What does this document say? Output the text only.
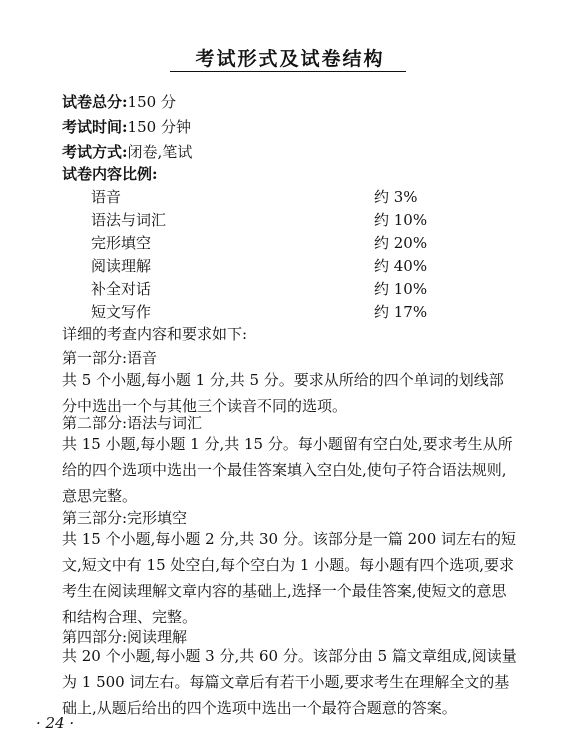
考试形式及试卷结构
试卷总分:150 分
考试时间:150 分钟
考试方式:闭卷,笔试
试卷内容比例:
语音	约 3%
语法与词汇	约 10%
完形填空	约 20%
阅读理解	约 40%
补全对话	约 10%
短文写作	约 17%
详细的考查内容和要求如下:
第一部分:语音
共 5 个小题,每小题 1 分,共 5 分。要求从所给的四个单词的划线部分中选出一个与其他三个读音不同的选项。
第二部分:语法与词汇
共 15 小题,每小题 1 分,共 15 分。每小题留有空白处,要求考生从所给的四个选项中选出一个最佳答案填入空白处,使句子符合语法规则,意思完整。
第三部分:完形填空
共 15 个小题,每小题 2 分,共 30 分。该部分是一篇 200 词左右的短文,短文中有 15 处空白,每个空白为 1 小题。每小题有四个选项,要求考生在阅读理解文章内容的基础上,选择一个最佳答案,使短文的意思和结构合理、完整。
第四部分:阅读理解
共 20 个小题,每小题 3 分,共 60 分。该部分由 5 篇文章组成,阅读量为 1 500 词左右。每篇文章后有若干小题,要求考生在理解全文的基础上,从题后给出的四个选项中选出一个最符合题意的答案。
· 24 ·
